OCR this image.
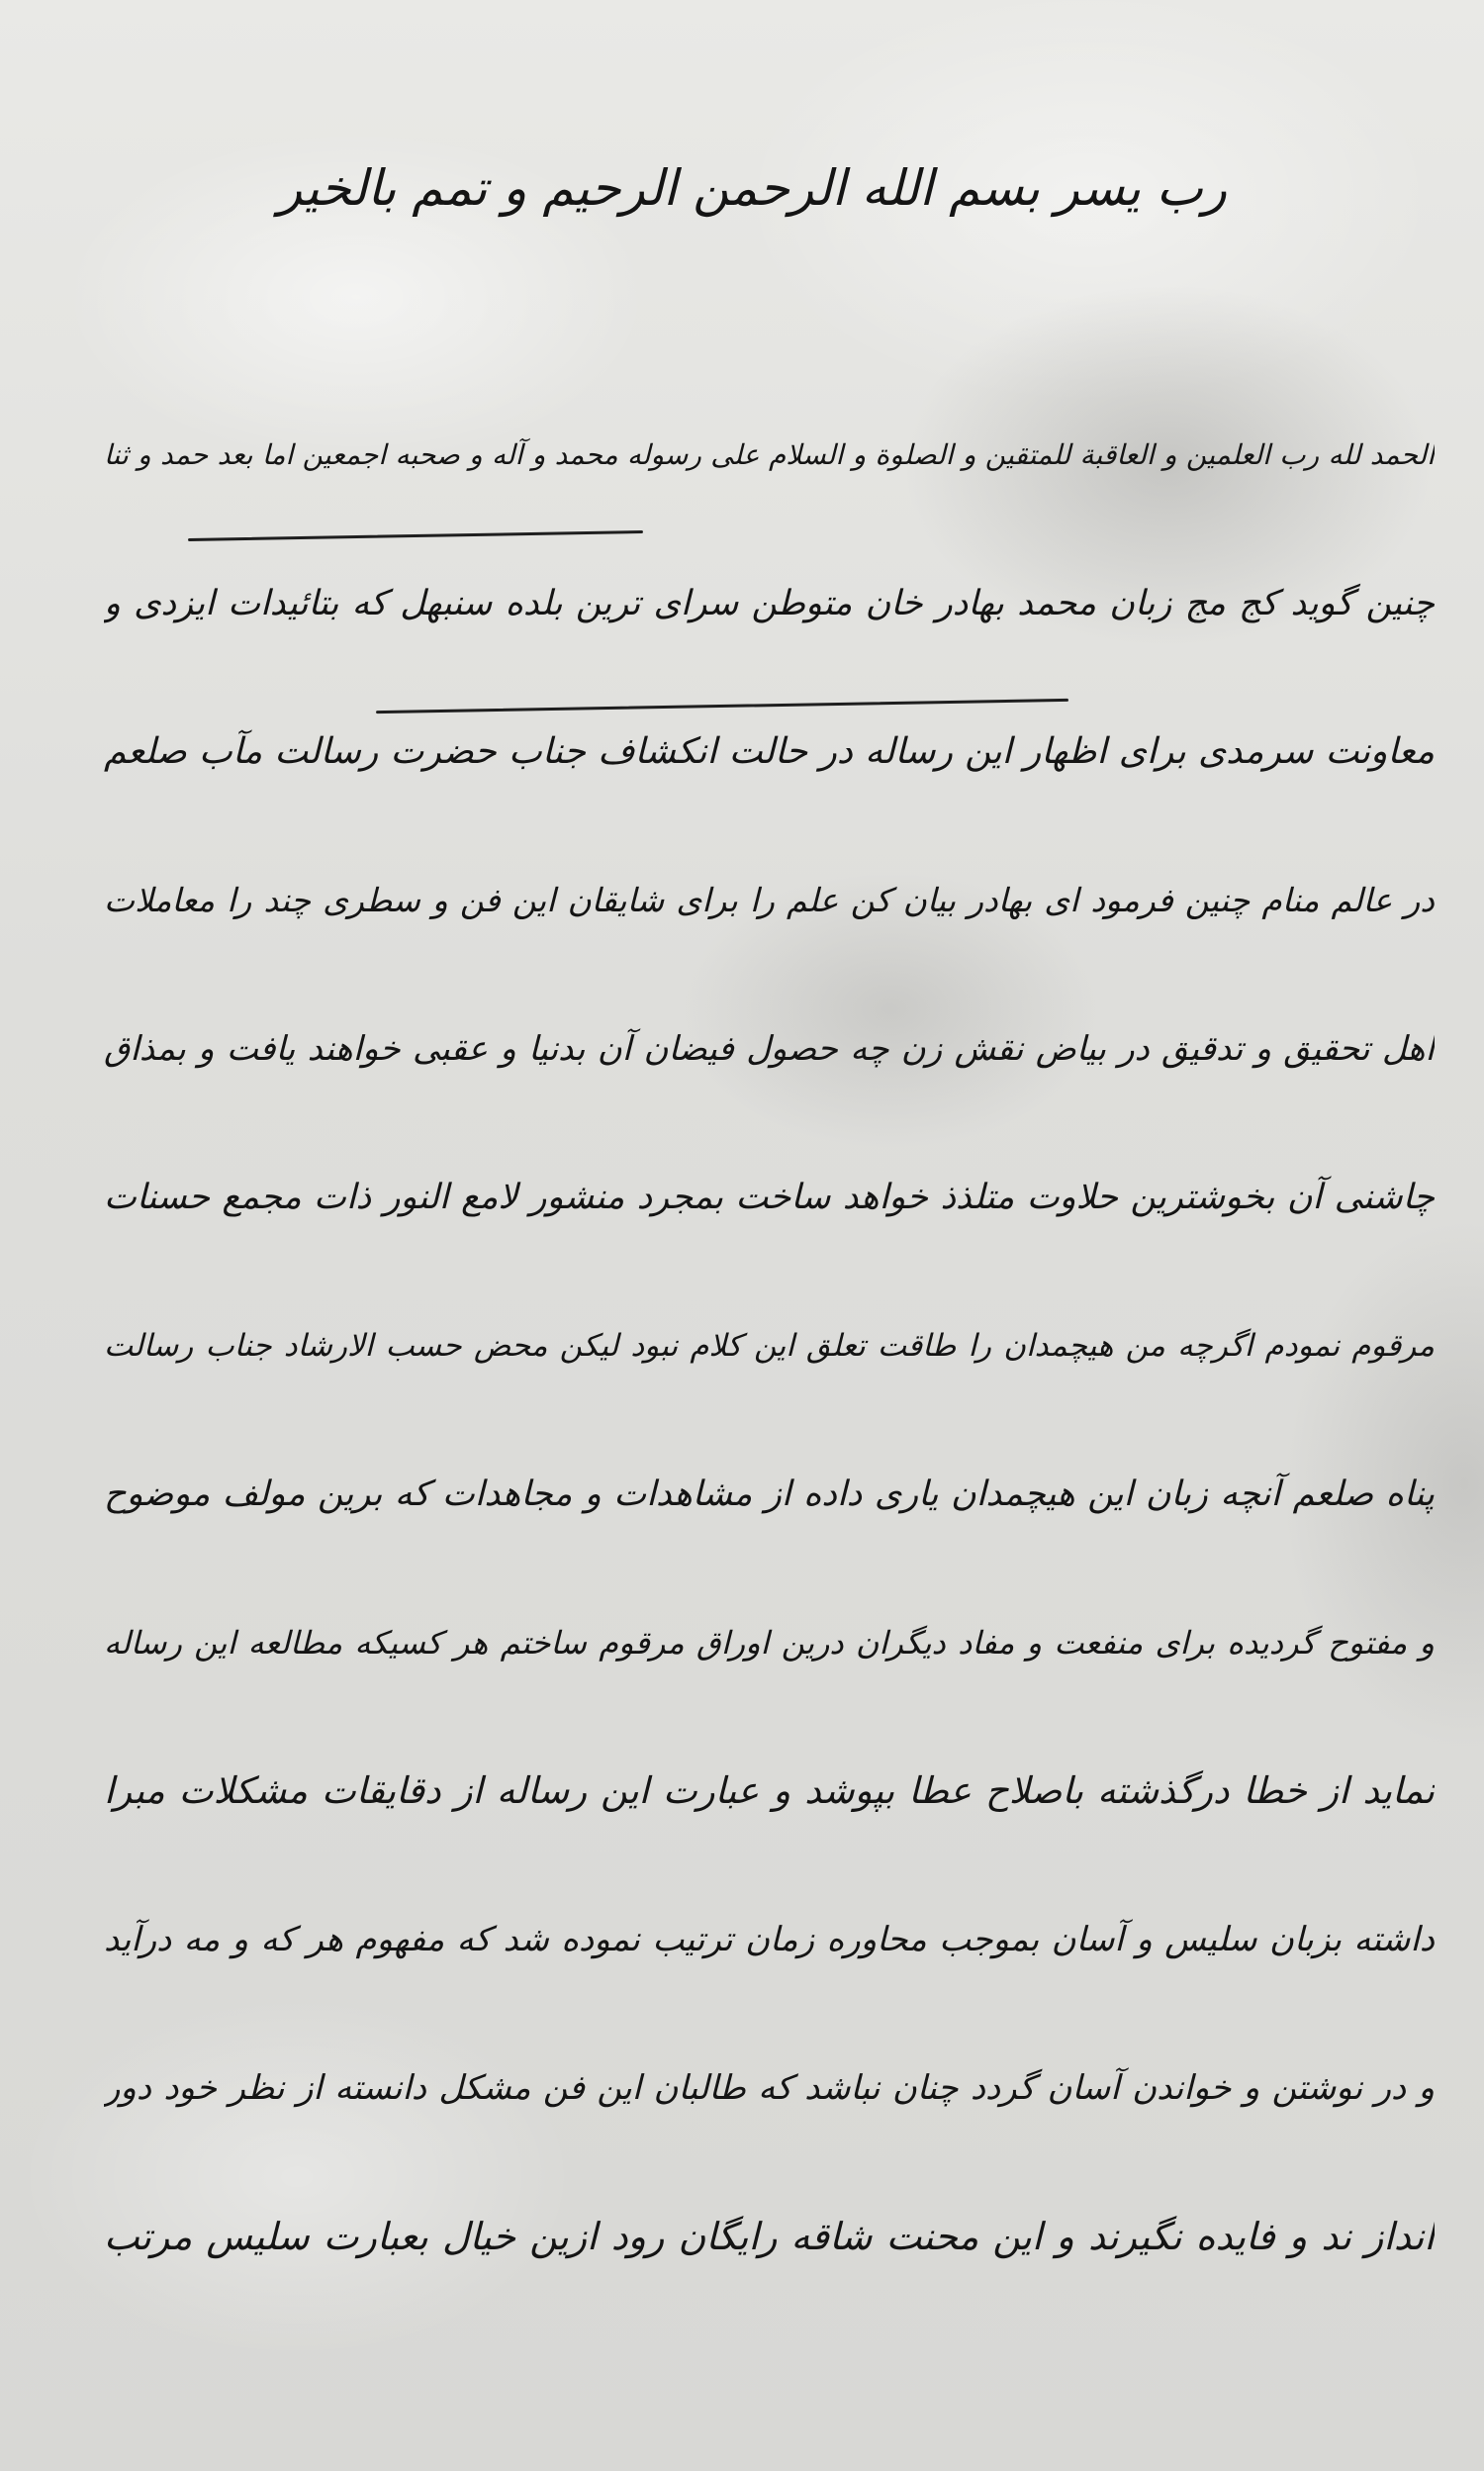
رب یسر بسم الله الرحمن الرحیم و تمم بالخیر
الحمد لله رب العلمین و العاقبة للمتقین و الصلوة و السلام علی رسوله محمد و آله و صحبه اجمعین اما بعد حمد و ثنا
چنین گوید کج مج زبان محمد بهادر خان متوطن سرای ترین بلده سنبهل که بتائیدات ایزدی و
معاونت سرمدی برای اظهار این رساله در حالت انکشاف جناب حضرت رسالت مآب صلعم
در عالم منام چنین فرمود ای بهادر بیان کن علم را برای شایقان این فن و سطری چند را معاملات
اهل تحقیق و تدقیق در بیاض نقش زن چه حصول فیضان آن بدنیا و عقبی خواهند یافت و بمذاق
چاشنی آن بخوشترین حلاوت متلذذ خواهد ساخت بمجرد منشور لامع النور ذات مجمع حسنات
مرقوم نمودم اگرچه من هیچمدان را طاقت تعلق این کلام نبود لیکن محض حسب الارشاد جناب رسالت
پناه صلعم آنچه زبان این هیچمدان یاری داده از مشاهدات و مجاهدات که برین مولف موضوح
و مفتوح گردیده برای منفعت و مفاد دیگران درین اوراق مرقوم ساختم هر کسیکه مطالعه این رساله
نماید از خطا درگذشته باصلاح عطا بپوشد و عبارت این رساله از دقایقات مشکلات مبرا
داشته بزبان سلیس و آسان بموجب محاوره زمان ترتیب نموده شد که مفهوم هر که و مه درآید
و در نوشتن و خواندن آسان گردد چنان نباشد که طالبان این فن مشکل دانسته از نظر خود دور
انداز ند و فایده نگیرند و این محنت شاقه رایگان رود ازین خیال بعبارت سلیس مرتب
